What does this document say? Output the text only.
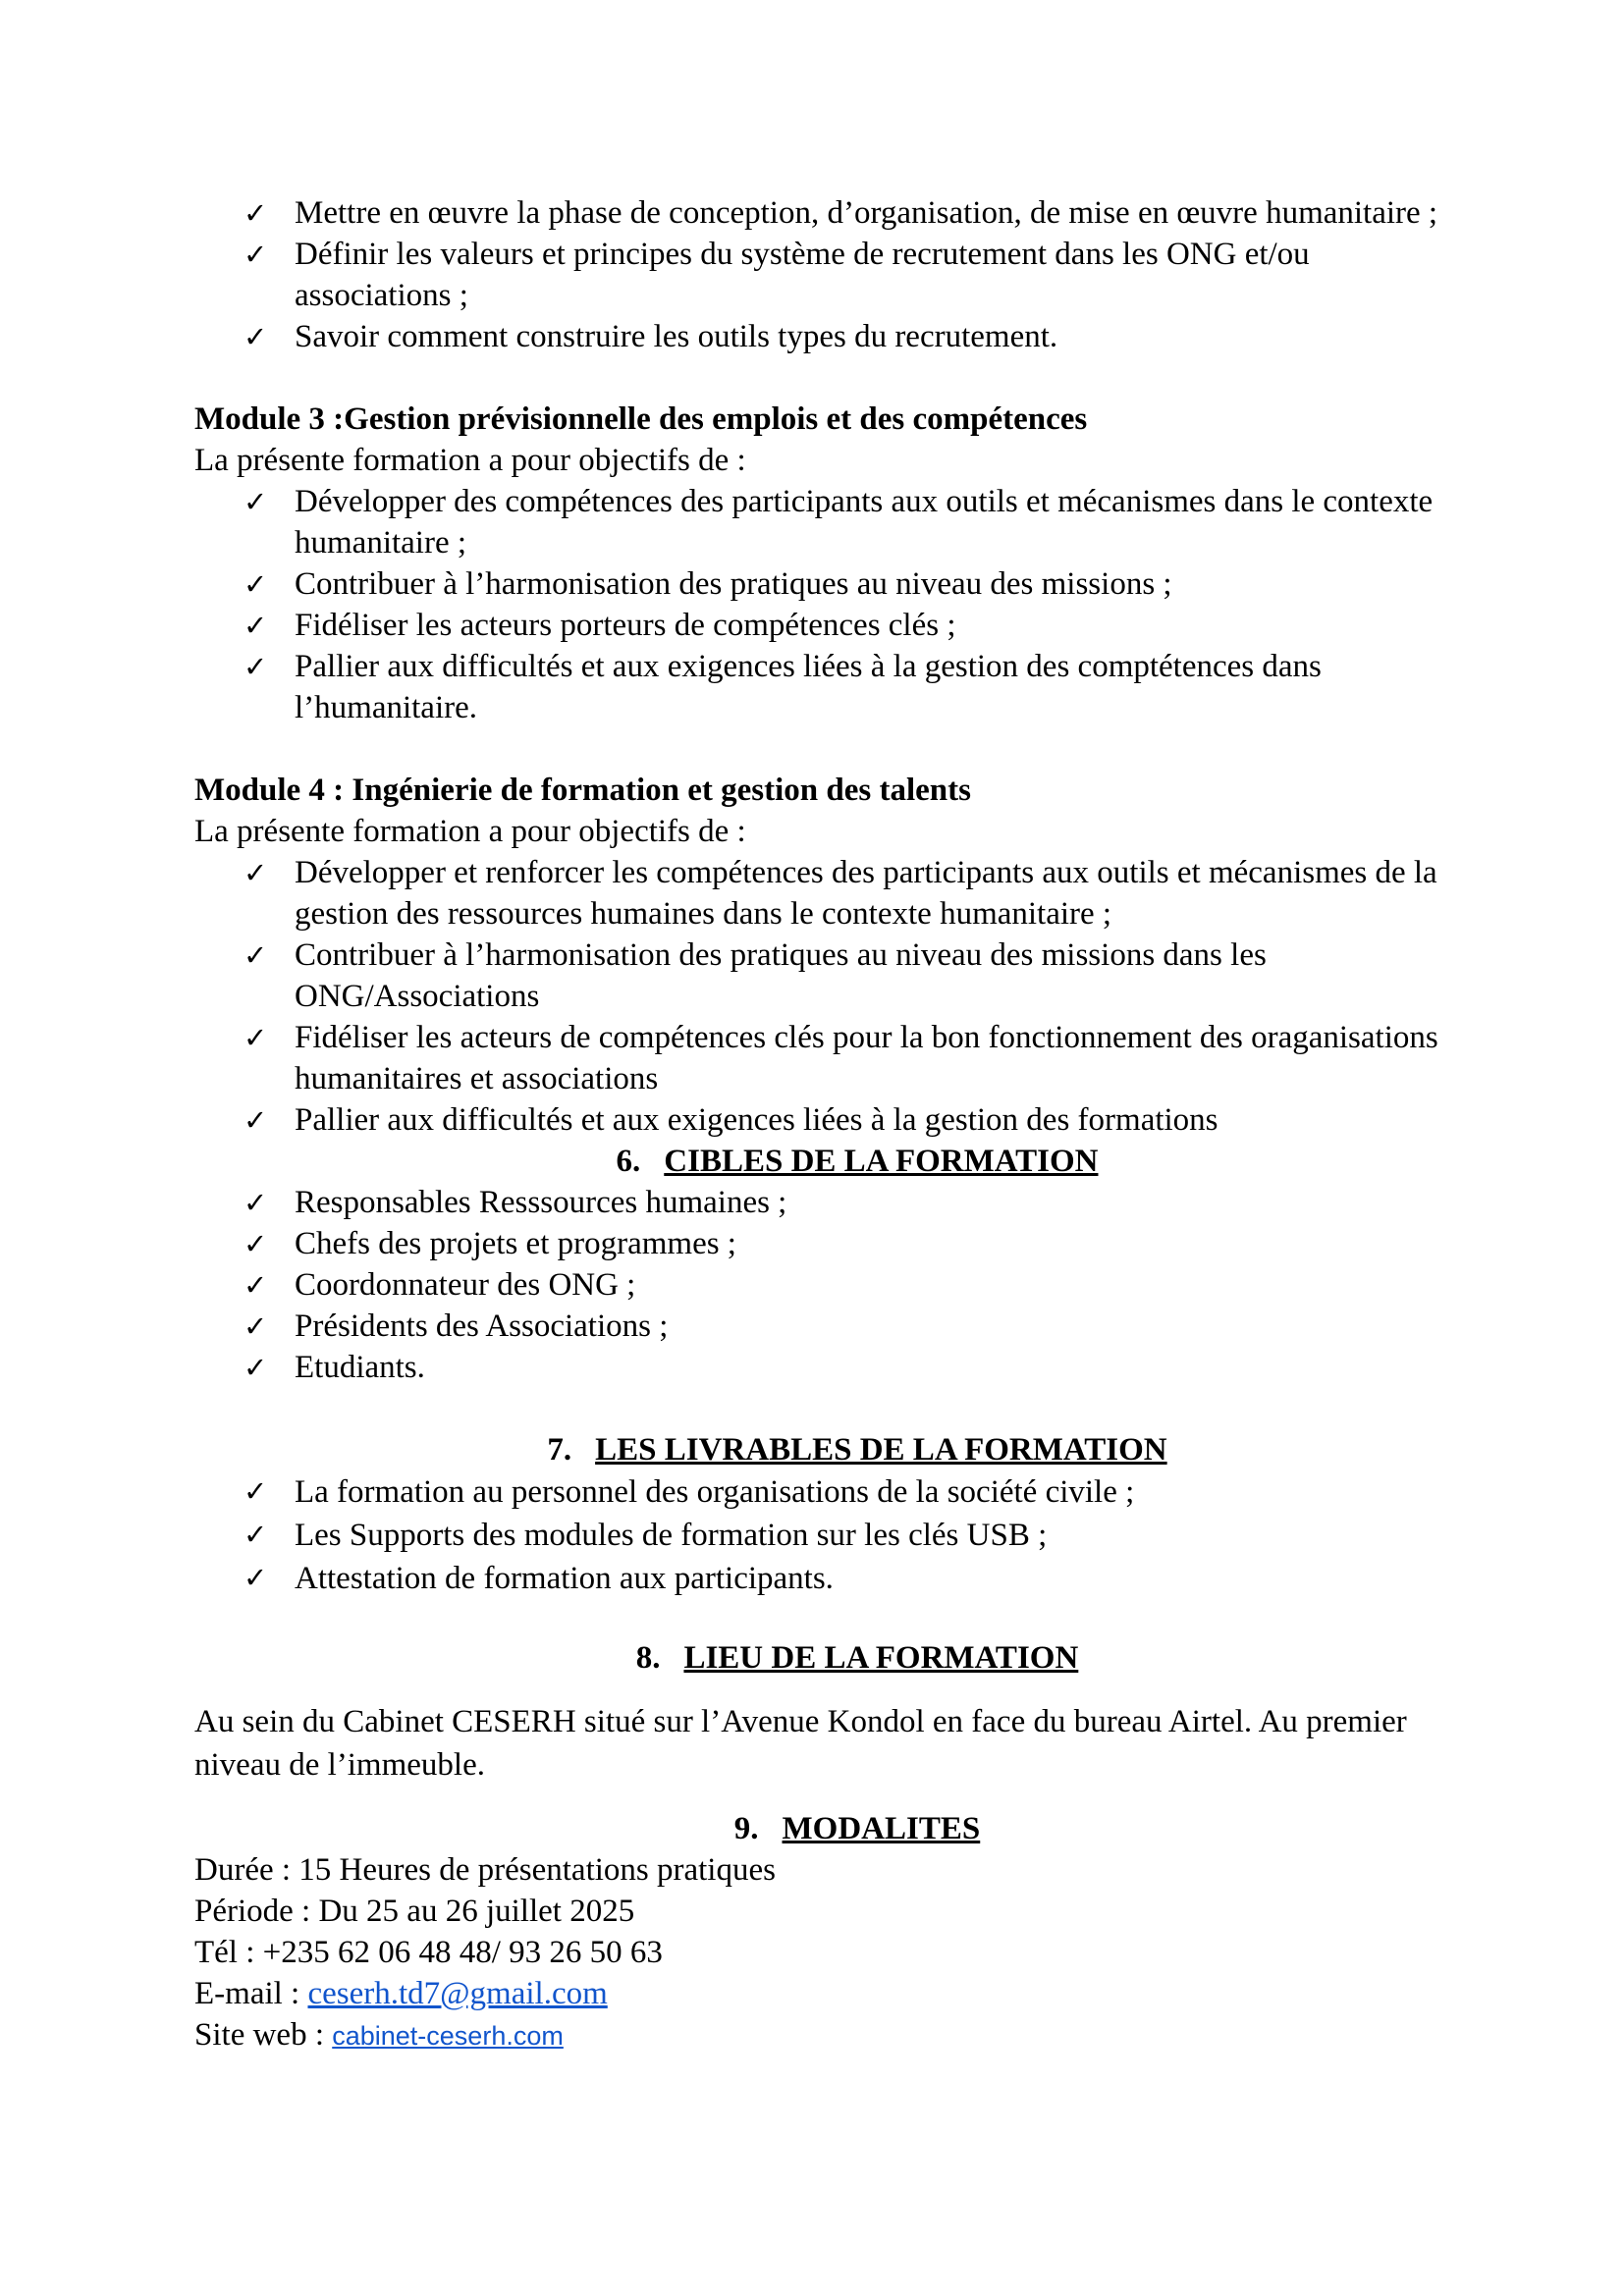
✓ Mettre en œuvre la phase de conception, d’organisation, de mise en œuvre humanitaire ;
✓ Définir les valeurs et principes du système de recrutement dans les ONG et/ou associations ;
✓ Savoir comment construire les outils types du recrutement.

Module 3 :Gestion prévisionnelle des emplois et des compétences

La présente formation a pour objectifs de :

✓ Développer des compétences des participants aux outils et mécanismes dans le contexte humanitaire ;
✓ Contribuer à l’harmonisation des pratiques au niveau des missions ;
✓ Fidéliser les acteurs porteurs de compétences clés ;
✓ Pallier aux difficultés et aux exigences liées à la gestion des comptétences dans l’humanitaire.

Module 4 : Ingénierie de formation et gestion des talents

La présente formation a pour objectifs de :

✓ Développer et renforcer les compétences des participants aux outils et mécanismes de la gestion des ressources humaines dans le contexte humanitaire ;
✓ Contribuer à l’harmonisation des pratiques au niveau des missions dans les ONG/Associations
✓ Fidéliser les acteurs de compétences clés pour la bon fonctionnement des oraganisations humanitaires et associations
✓ Pallier aux difficultés et aux exigences liées à la gestion des formations

6. CIBLES DE LA FORMATION

✓ Responsables Resssources humaines ;
✓ Chefs des projets et programmes ;
✓ Coordonnateur des ONG ;
✓ Présidents des Associations ;
✓ Etudiants.

7. LES LIVRABLES DE LA FORMATION

✓ La formation au personnel des organisations de la société civile ;
✓ Les Supports des modules de formation sur les clés USB ;
✓ Attestation de formation aux participants.

8. LIEU DE LA FORMATION

Au sein du Cabinet CESERH situé sur l’Avenue Kondol en face du bureau Airtel. Au premier niveau de l’immeuble.

9. MODALITES

Durée : 15 Heures de présentations pratiques

Période : Du 25 au 26 juillet 2025

Tél : +235 62 06 48 48/ 93 26 50 63

E-mail : ceserh.td7@gmail.com

Site web : cabinet-ceserh.com
